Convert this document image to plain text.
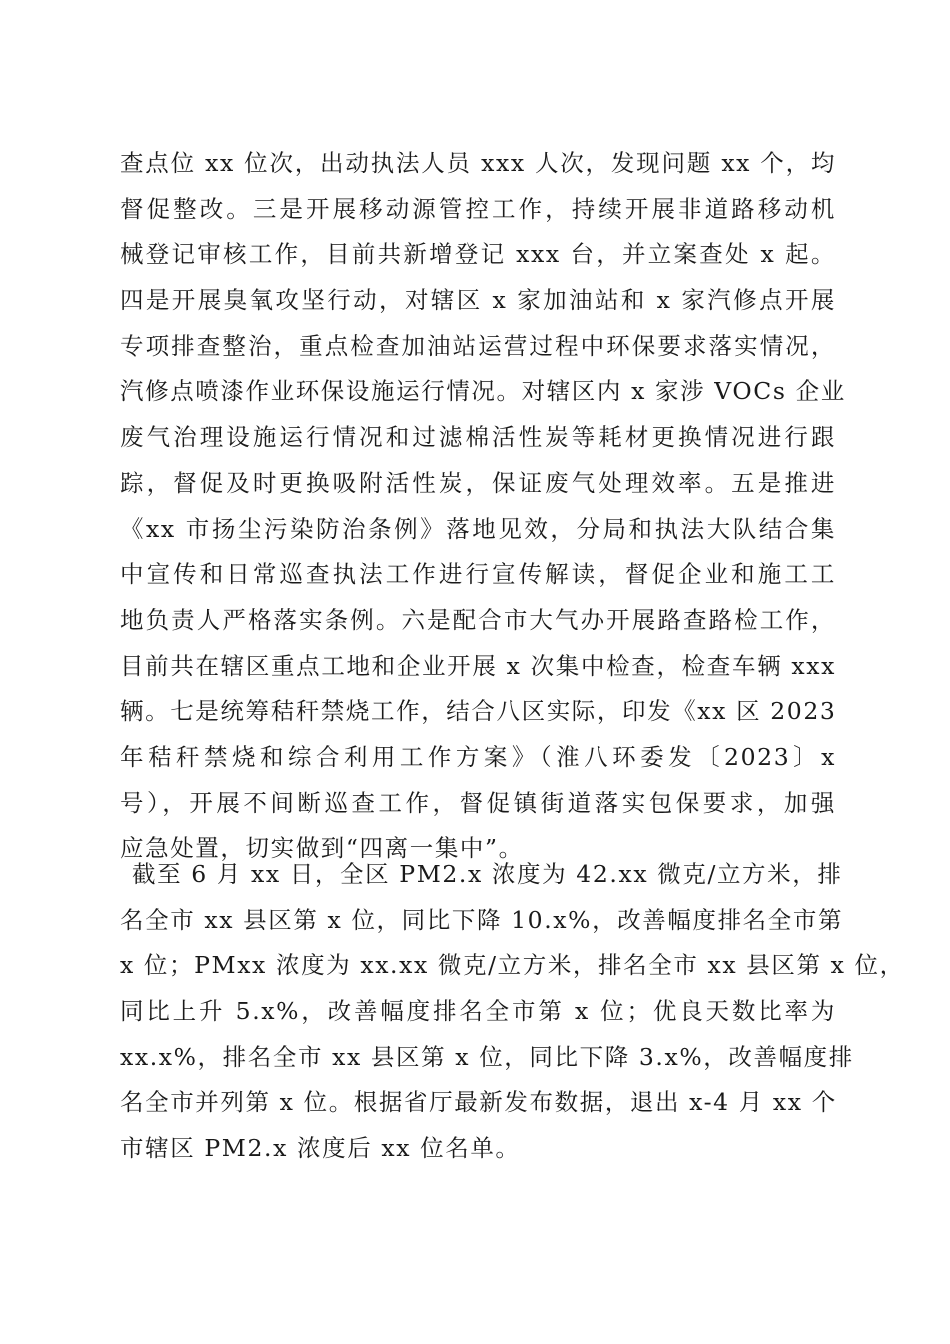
查点位 xx 位次，出动执法人员 xxx 人次，发现问题 xx 个，均
督促整改。三是开展移动源管控工作，持续开展非道路移动机
械登记审核工作，目前共新增登记 xxx 台，并立案查处 x 起。
四是开展臭氧攻坚行动，对辖区 x 家加油站和 x 家汽修点开展
专项排查整治，重点检查加油站运营过程中环保要求落实情况，
汽修点喷漆作业环保设施运行情况。对辖区内 x 家涉 VOCs 企业
废气治理设施运行情况和过滤棉活性炭等耗材更换情况进行跟
踪，督促及时更换吸附活性炭，保证废气处理效率。五是推进
《xx 市扬尘污染防治条例》落地见效，分局和执法大队结合集
中宣传和日常巡查执法工作进行宣传解读，督促企业和施工工
地负责人严格落实条例。六是配合市大气办开展路查路检工作，
目前共在辖区重点工地和企业开展 x 次集中检查，检查车辆 xxx
辆。七是统筹秸秆禁烧工作，结合八区实际，印发《xx 区 2023
年秸秆禁烧和综合利用工作方案》（淮八环委发〔2023〕x
号），开展不间断巡查工作，督促镇街道落实包保要求，加强
应急处置，切实做到“四离一集中”。
截至 6 月 xx 日，全区 PM2.x 浓度为 42.xx 微克/立方米，排
名全市 xx 县区第 x 位，同比下降 10.x%，改善幅度排名全市第
x 位；PMxx 浓度为 xx.xx 微克/立方米，排名全市 xx 县区第 x 位，
同比上升 5.x%，改善幅度排名全市第 x 位；优良天数比率为
xx.x%，排名全市 xx 县区第 x 位，同比下降 3.x%，改善幅度排
名全市并列第 x 位。根据省厅最新发布数据，退出 x-4 月 xx 个
市辖区 PM2.x 浓度后 xx 位名单。
